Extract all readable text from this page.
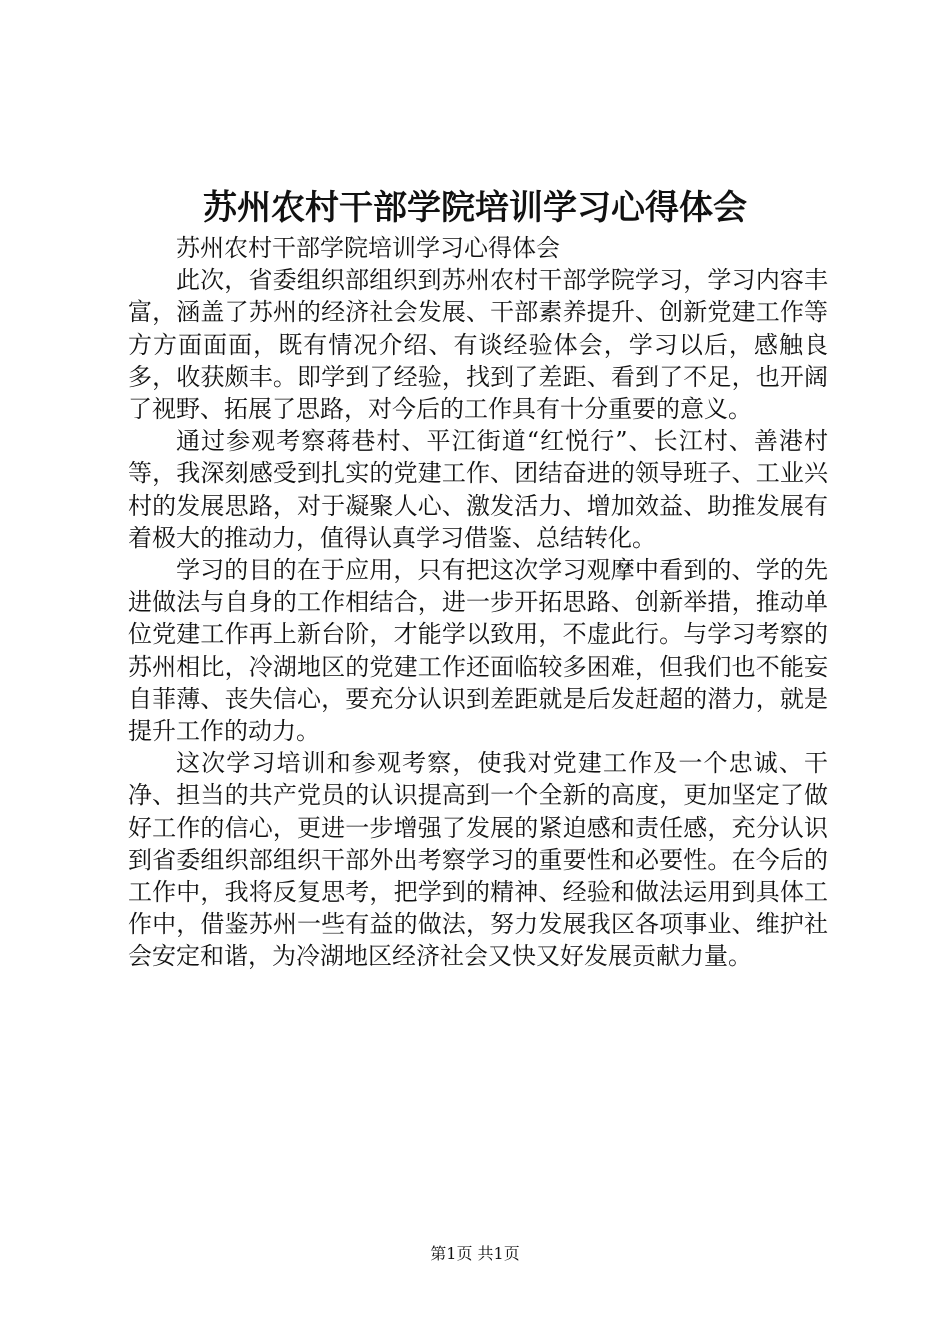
苏州农村干部学院培训学习心得体会

苏州农村干部学院培训学习心得体会

此次，省委组织部组织到苏州农村干部学院学习，学习内容丰富，涵盖了苏州的经济社会发展、干部素养提升、创新党建工作等方方面面面，既有情况介绍、有谈经验体会，学习以后，感触良多，收获颇丰。即学到了经验，找到了差距、看到了不足，也开阔了视野、拓展了思路，对今后的工作具有十分重要的意义。

通过参观考察蒋巷村、平江街道“红悦行”、长江村、善港村等，我深刻感受到扎实的党建工作、团结奋进的领导班子、工业兴村的发展思路，对于凝聚人心、激发活力、增加效益、助推发展有着极大的推动力，值得认真学习借鉴、总结转化。

学习的目的在于应用，只有把这次学习观摩中看到的、学的先进做法与自身的工作相结合，进一步开拓思路、创新举措，推动单位党建工作再上新台阶，才能学以致用，不虚此行。与学习考察的苏州相比，冷湖地区的党建工作还面临较多困难，但我们也不能妄自菲薄、丧失信心，要充分认识到差距就是后发赶超的潜力，就是提升工作的动力。

这次学习培训和参观考察，使我对党建工作及一个忠诚、干净、担当的共产党员的认识提高到一个全新的高度，更加坚定了做好工作的信心，更进一步增强了发展的紧迫感和责任感，充分认识到省委组织部组织干部外出考察学习的重要性和必要性。在今后的工作中，我将反复思考，把学到的精神、经验和做法运用到具体工作中，借鉴苏州一些有益的做法，努力发展我区各项事业、维护社会安定和谐，为冷湖地区经济社会又快又好发展贡献力量。

第1页 共1页
